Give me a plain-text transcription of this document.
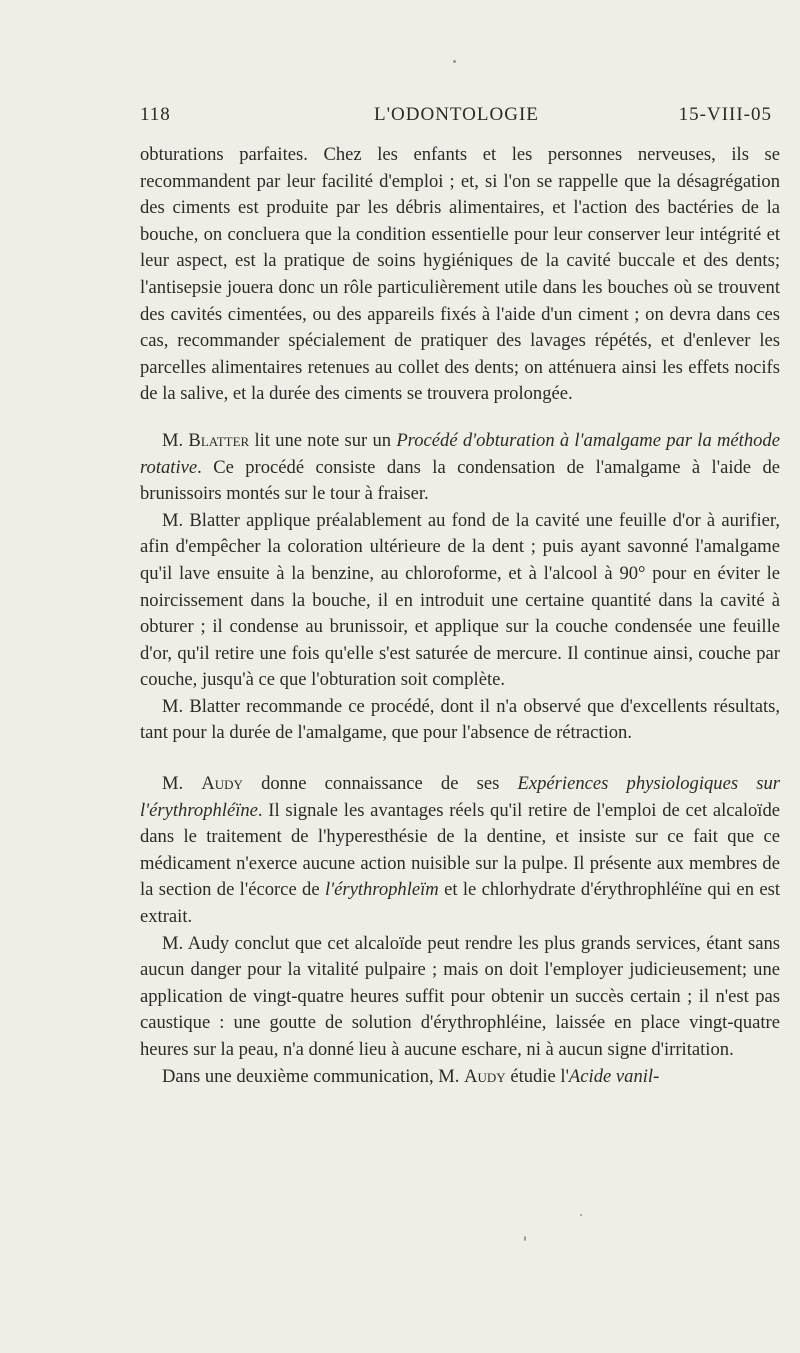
118	L'ODONTOLOGIE	15-VIII-05

obturations parfaites. Chez les enfants et les personnes nerveuses, ils se recommandent par leur facilité d'emploi ; et, si l'on se rappelle que la désagrégation des ciments est produite par les débris alimentaires, et l'action des bactéries de la bouche, on concluera que la condition essentielle pour leur conserver leur intégrité et leur aspect, est la pratique de soins hygiéniques de la cavité buccale et des dents; l'antisepsie jouera donc un rôle particulièrement utile dans les bouches où se trouvent des cavités cimentées, ou des appareils fixés à l'aide d'un ciment ; on devra dans ces cas, recommander spécialement de pratiquer des lavages répétés, et d'enlever les parcelles alimentaires retenues au collet des dents; on atténuera ainsi les effets nocifs de la salive, et la durée des ciments se trouvera prolongée.

M. Blatter lit une note sur un Procédé d'obturation à l'amalgame par la méthode rotative. Ce procédé consiste dans la condensation de l'amalgame à l'aide de brunissoirs montés sur le tour à fraiser.

M. Blatter applique préalablement au fond de la cavité une feuille d'or à aurifier, afin d'empêcher la coloration ultérieure de la dent ; puis ayant savonné l'amalgame qu'il lave ensuite à la benzine, au chloroforme, et à l'alcool à 90° pour en éviter le noircissement dans la bouche, il en introduit une certaine quantité dans la cavité à obturer ; il condense au brunissoir, et applique sur la couche condensée une feuille d'or, qu'il retire une fois qu'elle s'est saturée de mercure. Il continue ainsi, couche par couche, jusqu'à ce que l'obturation soit complète.

M. Blatter recommande ce procédé, dont il n'a observé que d'excellents résultats, tant pour la durée de l'amalgame, que pour l'absence de rétraction.

M. Audy donne connaissance de ses Expériences physiologiques sur l'érythrophléïne. Il signale les avantages réels qu'il retire de l'emploi de cet alcaloïde dans le traitement de l'hyperesthésie de la dentine, et insiste sur ce fait que ce médicament n'exerce aucune action nuisible sur la pulpe. Il présente aux membres de la section de l'écorce de l'érythrophleïm et le chlorhydrate d'érythrophléïne qui en est extrait.

M. Audy conclut que cet alcaloïde peut rendre les plus grands services, étant sans aucun danger pour la vitalité pulpaire ; mais on doit l'employer judicieusement; une application de vingt-quatre heures suffit pour obtenir un succès certain ; il n'est pas caustique : une goutte de solution d'érythrophléine, laissée en place vingt-quatre heures sur la peau, n'a donné lieu à aucune eschare, ni à aucun signe d'irritation.

Dans une deuxième communication, M. Audy étudie l'Acide vanil-
